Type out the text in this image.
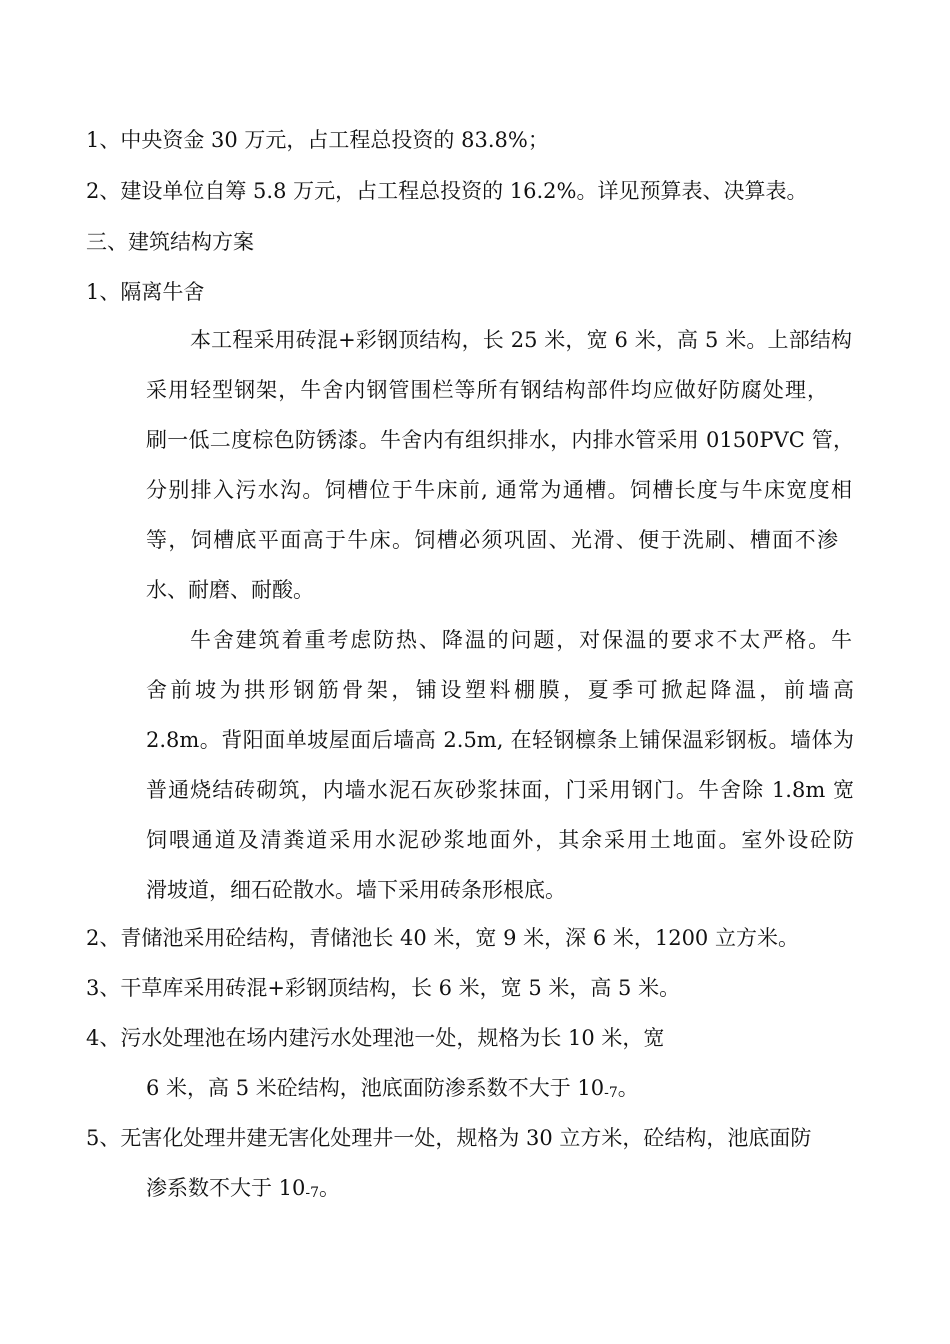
1、中央资金 30 万元，占工程总投资的 83.8%；
2、建设单位自筹 5.8 万元，占工程总投资的 16.2%。详见预算表、决算表。
三、建筑结构方案
1、隔离牛舍
本工程采用砖混+彩钢顶结构，长 25 米，宽 6 米，高 5 米。上部结构
采用轻型钢架，牛舍内钢管围栏等所有钢结构部件均应做好防腐处理，
刷一低二度棕色防锈漆。牛舍内有组织排水，内排水管采用 0150PVC 管，
分别排入污水沟。饲槽位于牛床前, 通常为通槽。饲槽长度与牛床宽度相
等，饲槽底平面高于牛床。饲槽必须巩固、光滑、便于洗刷、槽面不渗
水、耐磨、耐酸。
牛舍建筑着重考虑防热、降温的问题，对保温的要求不太严格。牛
舍前坡为拱形钢筋骨架，铺设塑料棚膜，夏季可掀起降温，前墙高
2.8m。背阳面单坡屋面后墙高 2.5m, 在轻钢檩条上铺保温彩钢板。墙体为
普通烧结砖砌筑，内墙水泥石灰砂浆抹面，门采用钢门。牛舍除 1.8m 宽
饲喂通道及清粪道采用水泥砂浆地面外，其余采用土地面。室外设砼防
滑坡道，细石砼散水。墙下采用砖条形根底。
2、青储池采用砼结构，青储池长 40 米，宽 9 米，深 6 米，1200 立方米。
3、干草库采用砖混+彩钢顶结构，长 6 米，宽 5 米，高 5 米。
4、污水处理池在场内建污水处理池一处，规格为长 10 米，宽
6 米，高 5 米砼结构，池底面防渗系数不大于 10-7。
5、无害化处理井建无害化处理井一处，规格为 30 立方米，砼结构，池底面防
渗系数不大于 10-7。
